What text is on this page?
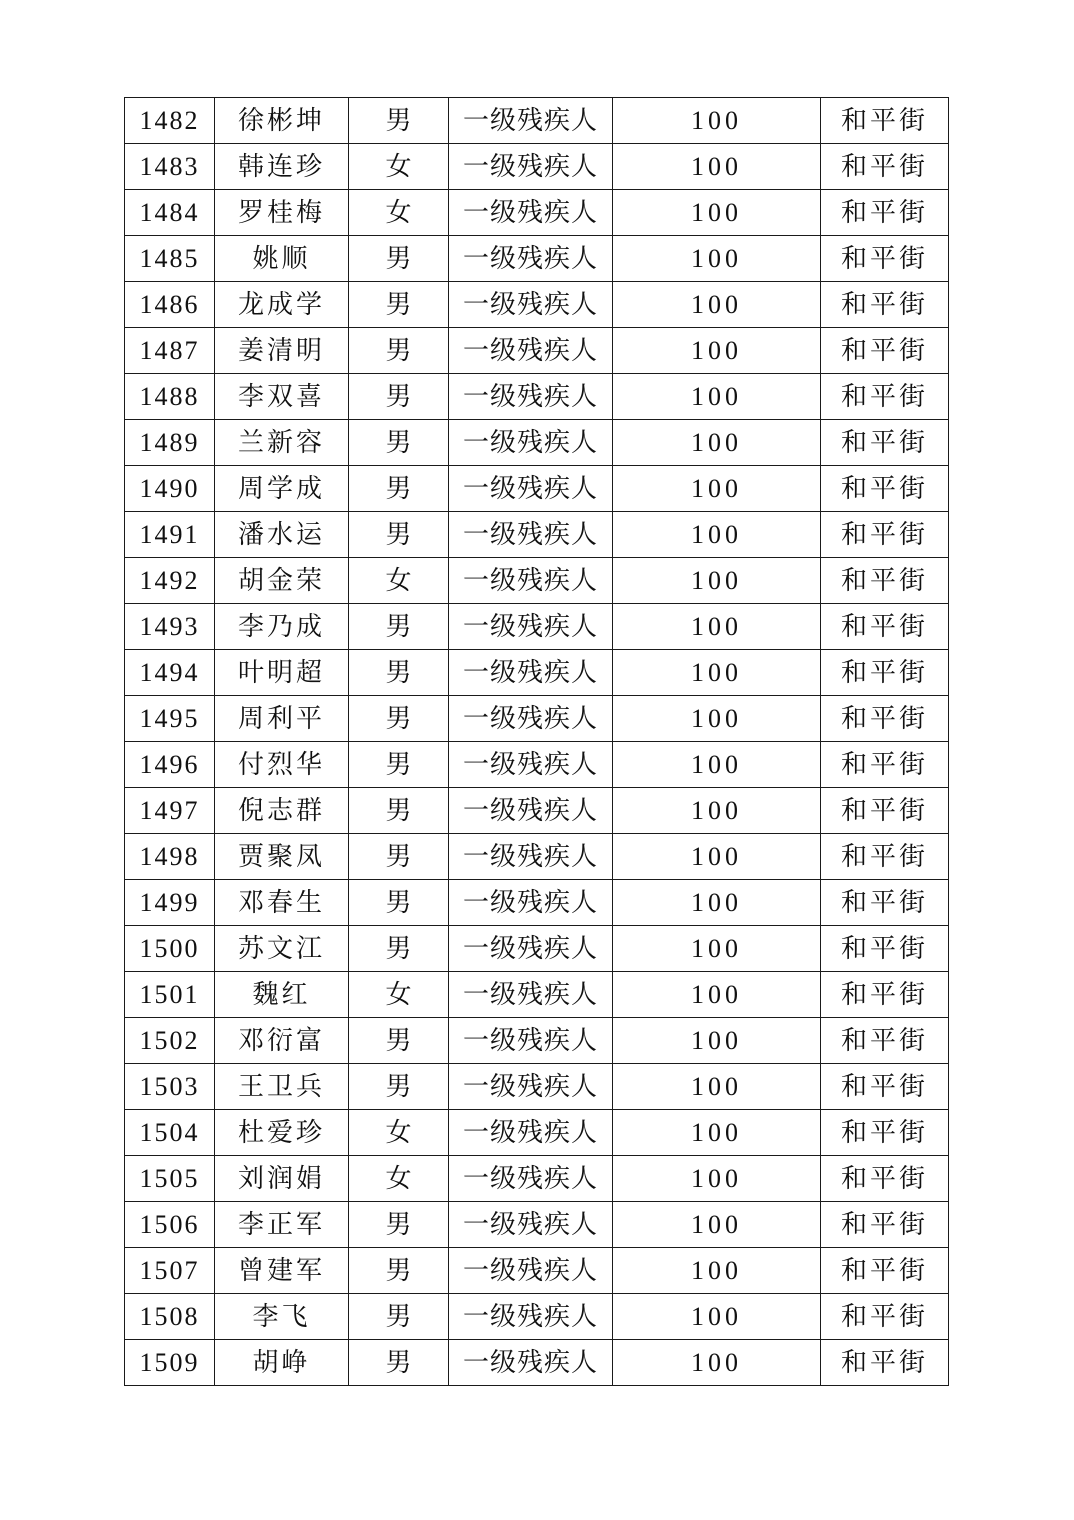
1482	徐彬坤	男	一级残疾人	100	和平街
1483	韩连珍	女	一级残疾人	100	和平街
1484	罗桂梅	女	一级残疾人	100	和平街
1485	姚顺	男	一级残疾人	100	和平街
1486	龙成学	男	一级残疾人	100	和平街
1487	姜清明	男	一级残疾人	100	和平街
1488	李双喜	男	一级残疾人	100	和平街
1489	兰新容	男	一级残疾人	100	和平街
1490	周学成	男	一级残疾人	100	和平街
1491	潘水运	男	一级残疾人	100	和平街
1492	胡金荣	女	一级残疾人	100	和平街
1493	李乃成	男	一级残疾人	100	和平街
1494	叶明超	男	一级残疾人	100	和平街
1495	周利平	男	一级残疾人	100	和平街
1496	付烈华	男	一级残疾人	100	和平街
1497	倪志群	男	一级残疾人	100	和平街
1498	贾聚凤	男	一级残疾人	100	和平街
1499	邓春生	男	一级残疾人	100	和平街
1500	苏文江	男	一级残疾人	100	和平街
1501	魏红	女	一级残疾人	100	和平街
1502	邓衍富	男	一级残疾人	100	和平街
1503	王卫兵	男	一级残疾人	100	和平街
1504	杜爱珍	女	一级残疾人	100	和平街
1505	刘润娟	女	一级残疾人	100	和平街
1506	李正军	男	一级残疾人	100	和平街
1507	曾建军	男	一级残疾人	100	和平街
1508	李飞	男	一级残疾人	100	和平街
1509	胡峥	男	一级残疾人	100	和平街
